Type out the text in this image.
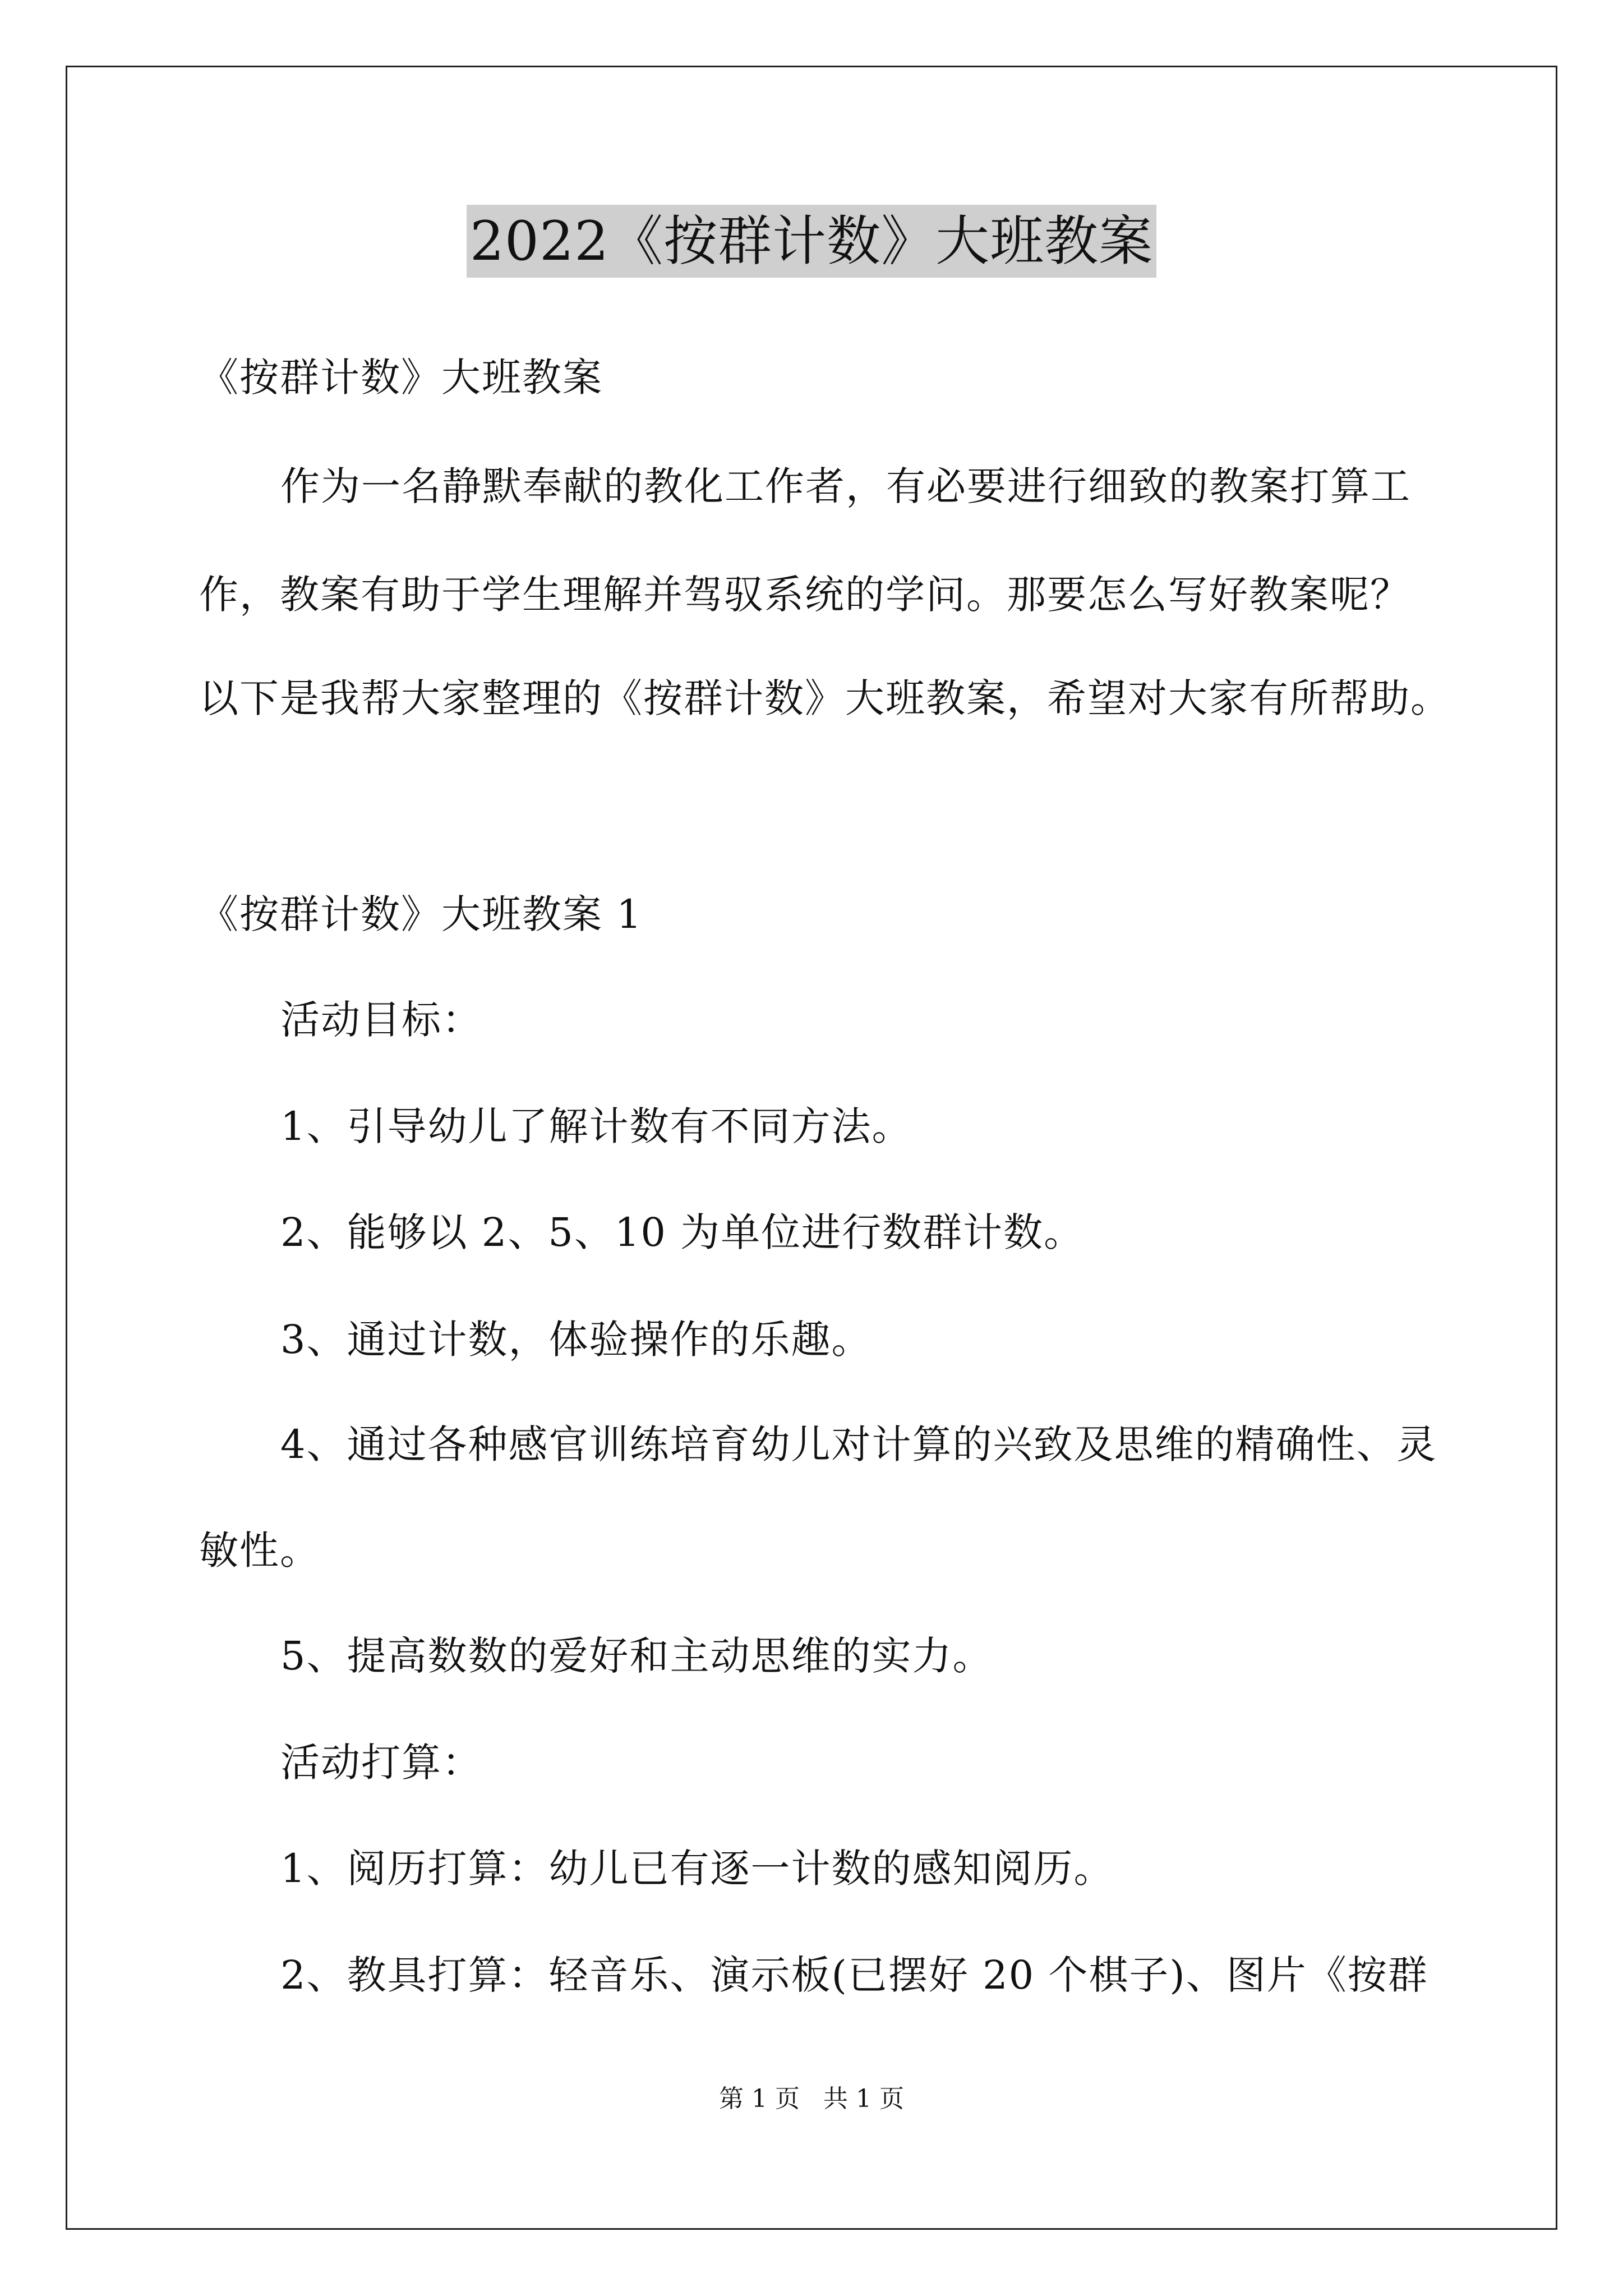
2022《按群计数》大班教案
《按群计数》大班教案
作为一名静默奉献的教化工作者，有必要进行细致的教案打算工
作，教案有助于学生理解并驾驭系统的学问。那要怎么写好教案呢？
以下是我帮大家整理的《按群计数》大班教案，希望对大家有所帮助。
《按群计数》大班教案 1
活动目标：
1、引导幼儿了解计数有不同方法。
2、能够以 2、5、10 为单位进行数群计数。
3、通过计数，体验操作的乐趣。
4、通过各种感官训练培育幼儿对计算的兴致及思维的精确性、灵
敏性。
5、提高数数的爱好和主动思维的实力。
活动打算：
1、阅历打算：幼儿已有逐一计数的感知阅历。
2、教具打算：轻音乐、演示板(已摆好 20 个棋子)、图片《按群
第 1 页   共 1 页
